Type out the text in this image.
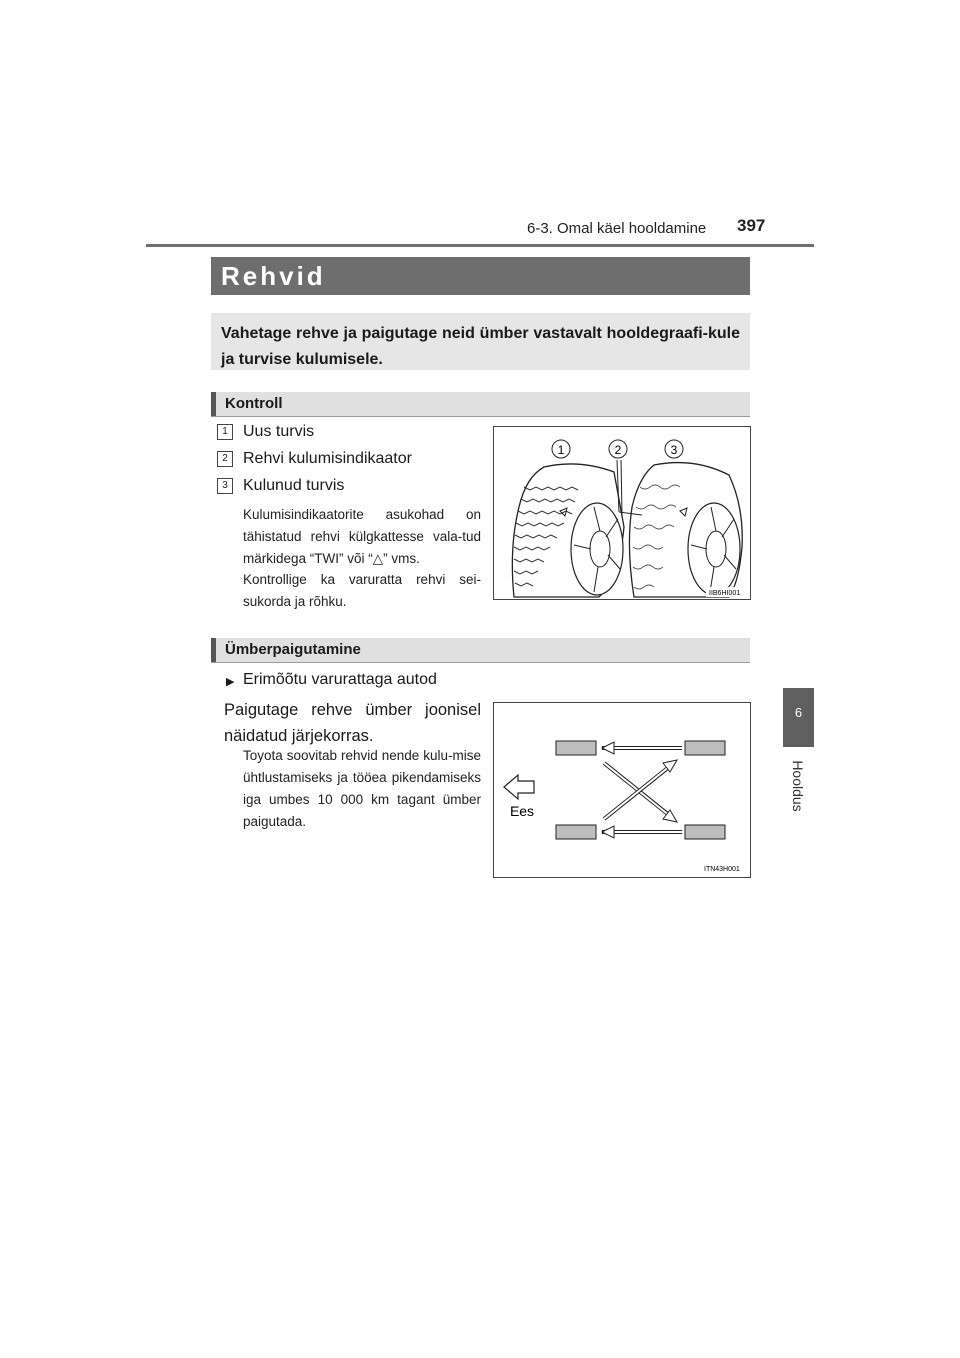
6-3. Omal käel hooldamine 397
6
Hooldus
Rehvid

Vahetage rehve ja paigutage neid ümber vastavalt hooldegraafi-kule ja turvise kulumisele.

Kontroll
1 Uus turvis
2 Rehvi kulumisindikaator
3 Kulunud turvis
Kulumisindikaatorite asukohad on tähistatud rehvi külgkattesse vala-tud märkidega “TWI” või “△” vms.
Kontrollige ka varuratta rehvi sei-sukorda ja rõhku.
1	2	3
IIB6HI001
Ümberpaigutamine
▶ Erimõõtu varurattaga autod
Paigutage rehve ümber joonisel näidatud järjekorras.
Toyota soovitab rehvid nende kulu-mise ühtlustamiseks ja tööea pikendamiseks iga umbes 10 000 km tagant ümber paigutada.
Ees
ITN43H001
